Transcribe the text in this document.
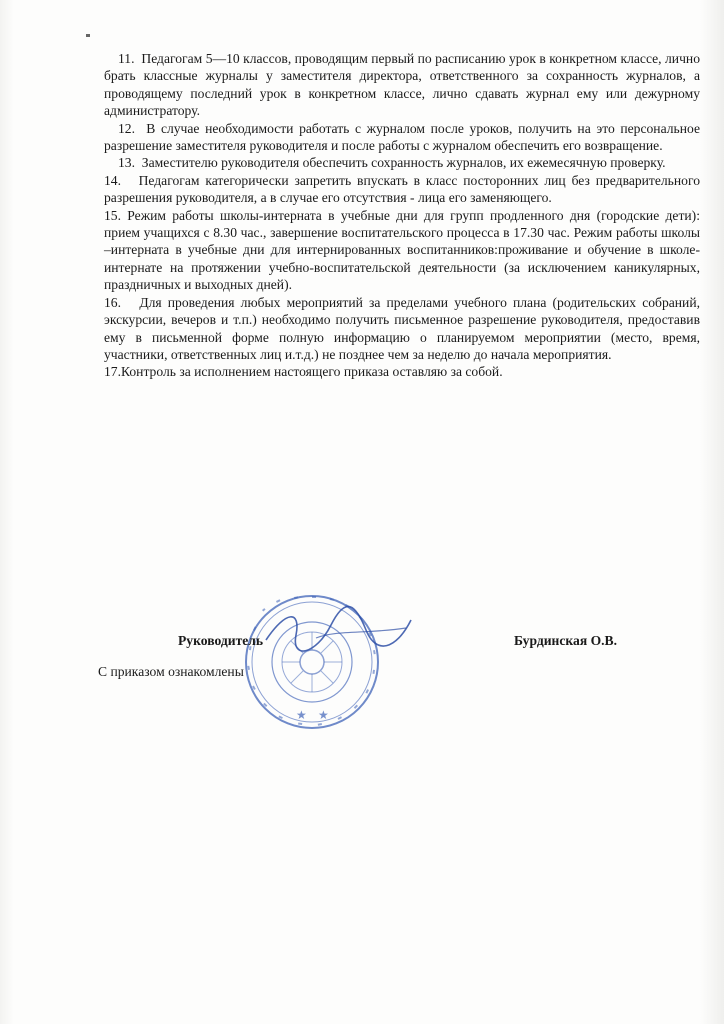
11.  Педагогам 5—10 классов, проводящим первый по расписанию урок в конкретном классе, лично брать классные журналы у заместителя директора, ответственного за сохранность журналов, а проводящему последний урок в конкретном классе, лично сдавать журнал ему или дежурному администратору.

12.  В случае необходимости работать с журналом после уроков, получить на это персональное разрешение заместителя руководителя и после работы с журналом обеспечить его возвращение.

13.  Заместителю руководителя обеспечить сохранность журналов, их ежемесячную проверку.

14.   Педагогам категорически запретить впускать в класс посторонних лиц без предварительного разрешения руководителя, а в случае его отсутствия - лица его заменяющего.

15. Режим работы школы-интерната в учебные дни для групп продленного дня (городские дети): прием учащихся с 8.30 час., завершение воспитательского процесса в 17.30 час. Режим работы школы –интерната в учебные дни для интернированных воспитанников:проживание и обучение в школе-интернате на протяжении учебно-воспитательской деятельности (за исключением каникулярных, праздничных и выходных дней).

16.   Для проведения любых мероприятий за пределами учебного плана (родительских собраний, экскурсии, вечеров и т.п.) необходимо получить письменное разрешение руководителя, предоставив ему в письменной форме полную информацию о планируемом мероприятии (место, время, участники, ответственных лиц и.т.д.) не позднее чем за неделю до начала мероприятия.

17.Контроль за исполнением настоящего приказа оставляю за собой.

★ ★
Руководитель	Бурдинская О.В.
С приказом ознакомлены
